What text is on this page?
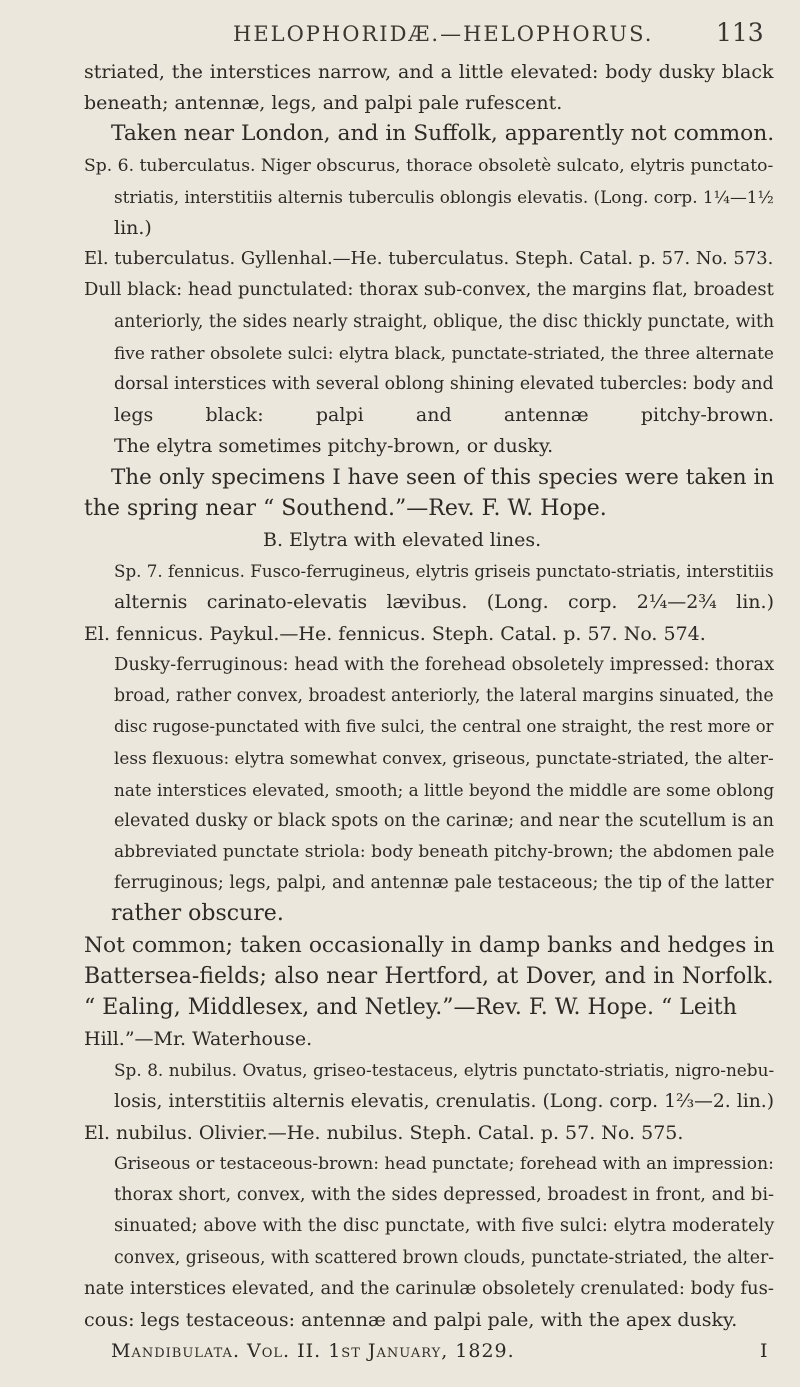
HELOPHORIDÆ.—HELOPHORUS.	113
striated, the interstices narrow, and a little elevated: body dusky black
beneath; antennæ, legs, and palpi pale rufescent.
Taken near London, and in Suffolk, apparently not common.
Sp. 6. tuberculatus. Niger obscurus, thorace obsoletè sulcato, elytris punctato-
striatis, interstitiis alternis tuberculis oblongis elevatis. (Long. corp. 1¼—1½
lin.)
El. tuberculatus. Gyllenhal.—He. tuberculatus. Steph. Catal. p. 57. No. 573.
Dull black: head punctulated: thorax sub-convex, the margins flat, broadest
anteriorly, the sides nearly straight, oblique, the disc thickly punctate, with
five rather obsolete sulci: elytra black, punctate-striated, the three alternate
dorsal interstices with several oblong shining elevated tubercles: body and
legs black: palpi and antennæ pitchy-brown.
The elytra sometimes pitchy-brown, or dusky.
The only specimens I have seen of this species were taken in
the spring near “ Southend.”—Rev. F. W. Hope.
B. Elytra with elevated lines.
Sp. 7. fennicus. Fusco-ferrugineus, elytris griseis punctato-striatis, interstitiis
alternis carinato-elevatis lævibus. (Long. corp. 2¼—2¾ lin.)
El. fennicus. Paykul.—He. fennicus. Steph. Catal. p. 57. No. 574.
Dusky-ferruginous: head with the forehead obsoletely impressed: thorax
broad, rather convex, broadest anteriorly, the lateral margins sinuated, the
disc rugose-punctated with five sulci, the central one straight, the rest more or
less flexuous: elytra somewhat convex, griseous, punctate-striated, the alter-
nate interstices elevated, smooth; a little beyond the middle are some oblong
elevated dusky or black spots on the carinæ; and near the scutellum is an
abbreviated punctate striola: body beneath pitchy-brown; the abdomen pale
ferruginous; legs, palpi, and antennæ pale testaceous; the tip of the latter
rather obscure.
Not common; taken occasionally in damp banks and hedges in
Battersea-fields; also near Hertford, at Dover, and in Norfolk.
“ Ealing, Middlesex, and Netley.”—Rev. F. W. Hope. “ Leith
Hill.”—Mr. Waterhouse.
Sp. 8. nubilus. Ovatus, griseo-testaceus, elytris punctato-striatis, nigro-nebu-
losis, interstitiis alternis elevatis, crenulatis. (Long. corp. 1⅔—2. lin.)
El. nubilus. Olivier.—He. nubilus. Steph. Catal. p. 57. No. 575.
Griseous or testaceous-brown: head punctate; forehead with an impression:
thorax short, convex, with the sides depressed, broadest in front, and bi-
sinuated; above with the disc punctate, with five sulci: elytra moderately
convex, griseous, with scattered brown clouds, punctate-striated, the alter-
nate interstices elevated, and the carinulæ obsoletely crenulated: body fus-
cous: legs testaceous: antennæ and palpi pale, with the apex dusky.
Mandibulata. Vol. II. 1st January, 1829.	I
